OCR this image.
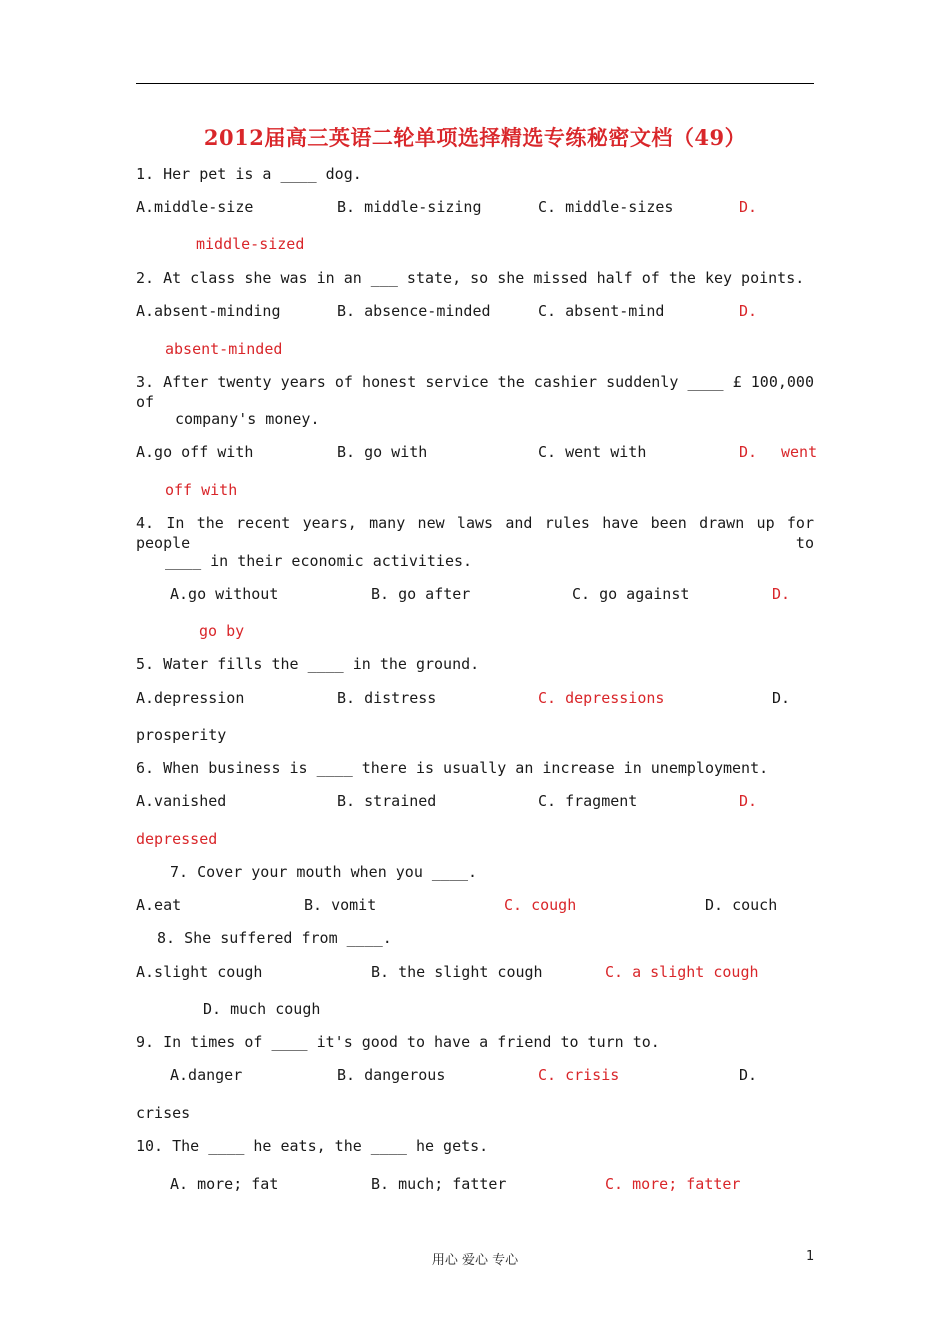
2012届高三英语二轮单项选择精选专练秘密文档（49）
1. Her pet is a ____ dog.
A.middle-size	B. middle-sizing	C. middle-sizes	D.
middle-sized
2. At class she was in an ___ state, so she missed half of the key points.
A.absent-minding	B. absence-minded	C. absent-mind	D.
absent-minded
3. After twenty years of honest service the cashier suddenly ____ £ 100,000 of
company's money.
A.go off with	B. go with	C. went with	D. went
off with
4. In the recent years, many new laws and rules have been drawn up for people to
____ in their economic activities.
A.go without	B. go after	C. go against	D.
go by
5. Water fills the ____ in the ground.
A.depression	B. distress	C. depressions	D.
prosperity
6. When business is ____ there is usually an increase in unemployment.
A.vanished	B. strained	C. fragment	D.
depressed
7. Cover your mouth when you ____.
A.eat	B. vomit	C. cough	D. couch
8. She suffered from ____.
A.slight cough	B. the slight cough	C. a slight cough
D. much cough
9. In times of ____ it's good to have a friend to turn to.
A.danger	B. dangerous	C. crisis	D.
crises
10. The ____ he eats, the ____ he gets.
A. more; fat	B. much; fatter	C. more; fatter
用心 爱心 专心	1
